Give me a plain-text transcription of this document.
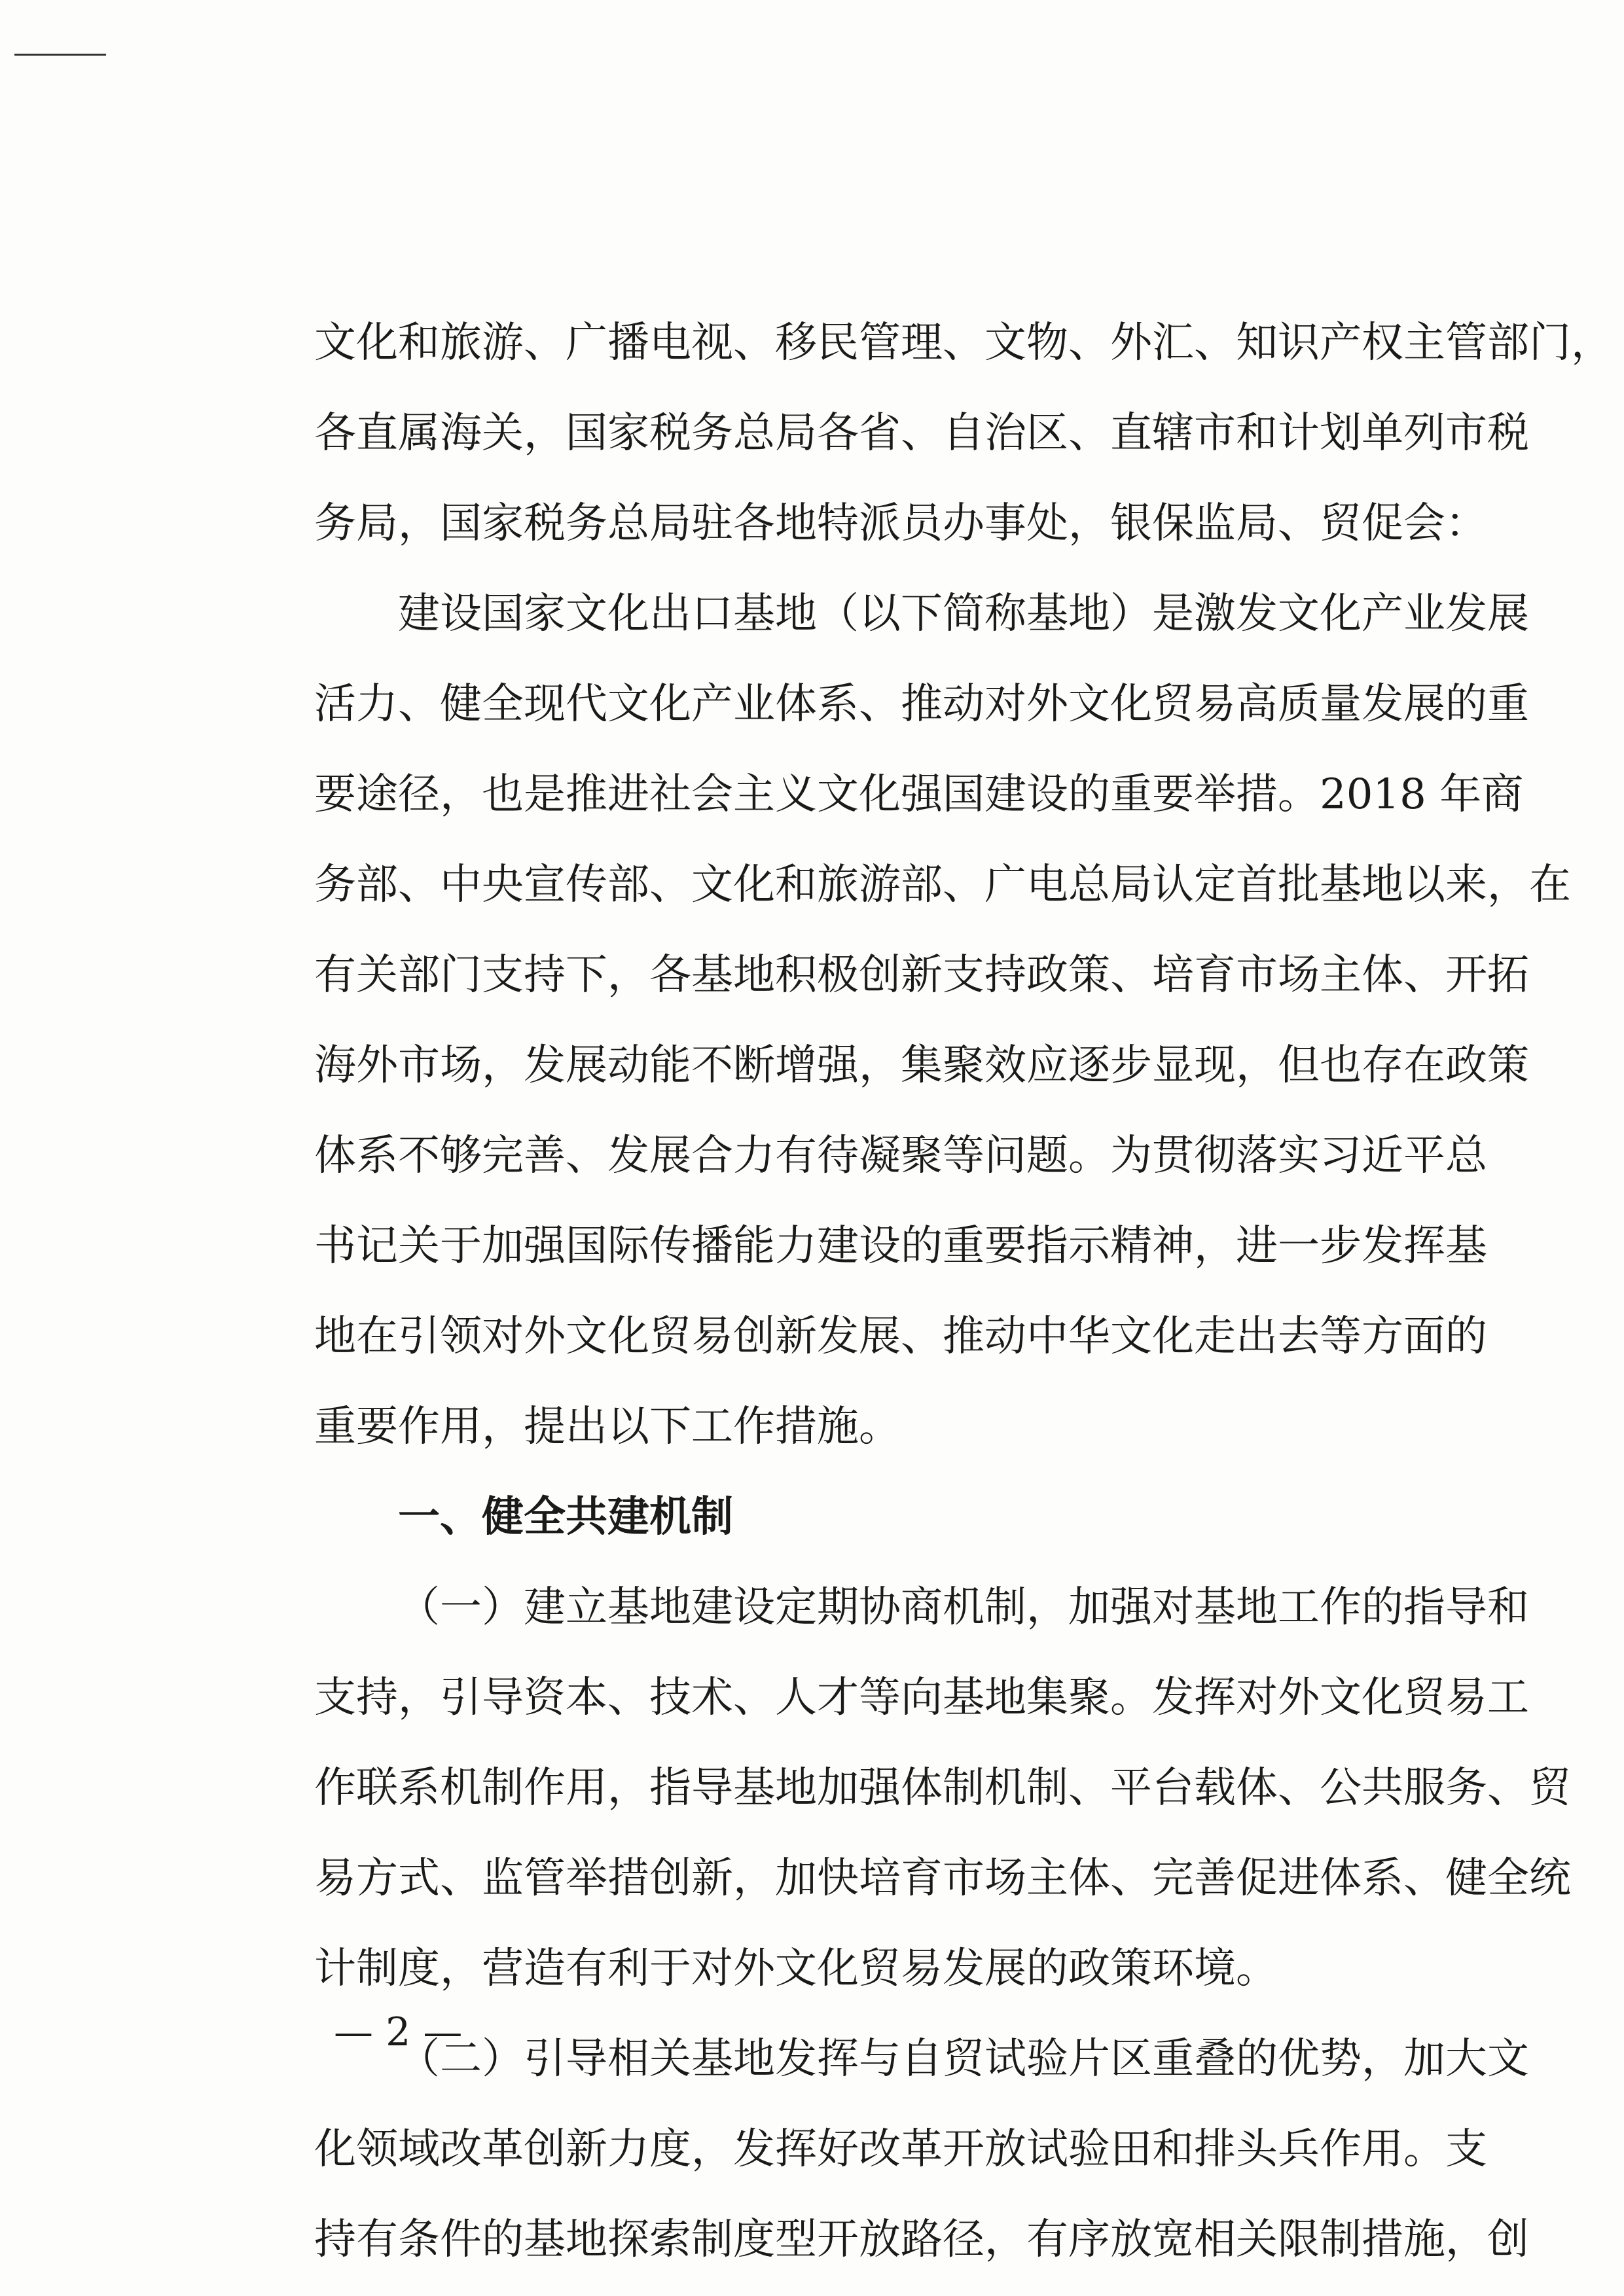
文化和旅游、广播电视、移民管理、文物、外汇、知识产权主管部门，
各直属海关，国家税务总局各省、自治区、直辖市和计划单列市税
务局，国家税务总局驻各地特派员办事处，银保监局、贸促会：
建设国家文化出口基地（以下简称基地）是激发文化产业发展
活力、健全现代文化产业体系、推动对外文化贸易高质量发展的重
要途径，也是推进社会主义文化强国建设的重要举措。2018 年商
务部、中央宣传部、文化和旅游部、广电总局认定首批基地以来，在
有关部门支持下，各基地积极创新支持政策、培育市场主体、开拓
海外市场，发展动能不断增强，集聚效应逐步显现，但也存在政策
体系不够完善、发展合力有待凝聚等问题。为贯彻落实习近平总
书记关于加强国际传播能力建设的重要指示精神，进一步发挥基
地在引领对外文化贸易创新发展、推动中华文化走出去等方面的
重要作用，提出以下工作措施。
一、健全共建机制
（一）建立基地建设定期协商机制，加强对基地工作的指导和
支持，引导资本、技术、人才等向基地集聚。发挥对外文化贸易工
作联系机制作用，指导基地加强体制机制、平台载体、公共服务、贸
易方式、监管举措创新，加快培育市场主体、完善促进体系、健全统
计制度，营造有利于对外文化贸易发展的政策环境。
（二）引导相关基地发挥与自贸试验片区重叠的优势，加大文
化领域改革创新力度，发挥好改革开放试验田和排头兵作用。支
持有条件的基地探索制度型开放路径，有序放宽相关限制措施，创
— 2 —
